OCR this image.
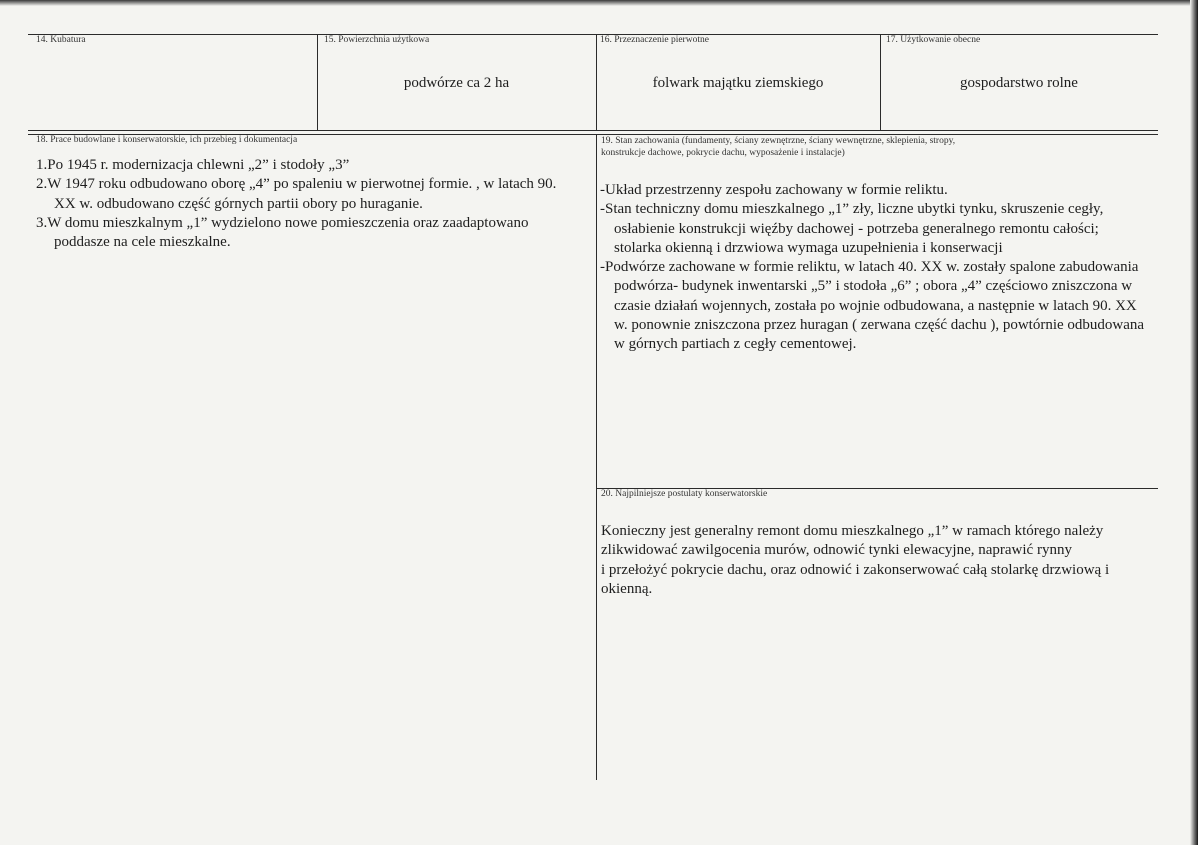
14. Kubatura	15. Powierzchnia użytkowa
podwórze ca 2 ha
16. Przeznaczenie pierwotne
folwark majątku ziemskiego
17. Użytkowanie obecne
gospodarstwo rolne
18. Prace budowlane i konserwatorskie, ich przebieg i dokumentacja
1.Po 1945 r. modernizacja chlewni „2” i stodoły „3”
2.W 1947 roku odbudowano oborę „4” po spaleniu w pierwotnej formie. , w latach 90. XX w. odbudowano część górnych partii obory po huraganie.
3.W domu mieszkalnym „1” wydzielono nowe pomieszczenia oraz zaadaptowano poddasze na cele mieszkalne.
19. Stan zachowania (fundamenty, ściany zewnętrzne, ściany wewnętrzne, sklepienia, stropy,
konstrukcje dachowe, pokrycie dachu, wyposażenie i instalacje)
-Układ przestrzenny zespołu zachowany w formie reliktu.
-Stan techniczny domu mieszkalnego „1” zły, liczne ubytki tynku, skruszenie cegły, osłabienie konstrukcji więźby dachowej - potrzeba generalnego remontu całości; stolarka okienną i drzwiowa wymaga uzupełnienia i konserwacji
-Podwórze zachowane w formie reliktu, w latach 40. XX w. zostały spalone zabudowania podwórza- budynek inwentarski „5” i stodoła „6” ; obora „4” częściowo zniszczona w czasie działań wojennych, została po wojnie odbudowana, a następnie w latach 90. XX w. ponownie zniszczona przez huragan ( zerwana część dachu ), powtórnie odbudowana w górnych partiach z cegły cementowej.
20. Najpilniejsze postulaty konserwatorskie
Konieczny jest generalny remont domu mieszkalnego „1” w ramach którego należy zlikwidować zawilgocenia murów, odnowić tynki elewacyjne, naprawić rynny
i przełożyć pokrycie dachu, oraz odnowić i zakonserwować całą stolarkę drzwiową i okienną.
